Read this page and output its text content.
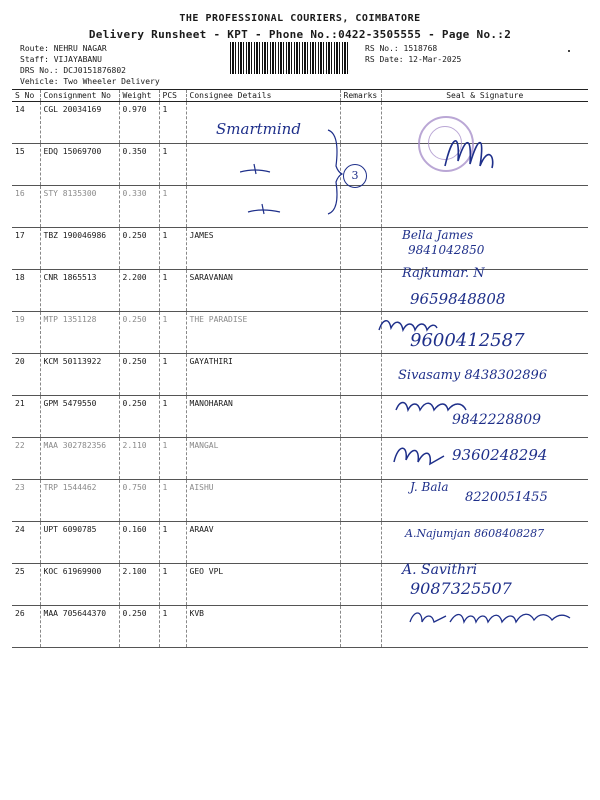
THE PROFESSIONAL COURIERS, COIMBATORE
Delivery Runsheet - KPT - Phone No.:0422-3505555 - Page No.:2
Route: NEHRU NAGAR
Staff: VIJAYABANU
DRS No.: DCJ0151876802
Vehicle: Two Wheeler Delivery
RS No.: 1518768
RS Date: 12-Mar-2025
S No	Consignment No	Weight	PCS	Consignee Details	Remarks	Seal & Signature
14	CGL 20034169	0.970	1			
15	EDQ 15069700	0.350	1			
16	STY 8135300	0.330	1			
17	TBZ 190046986	0.250	1	JAMES		
18	CNR 1865513	2.200	1	SARAVANAN		
19	MTP 1351128	0.250	1	THE PARADISE		
20	KCM 50113922	0.250	1	GAYATHIRI		
21	GPM 5479550	0.250	1	MANOHARAN		
22	MAA 302782356	2.110	1	MANGAL		
23	TRP 1544462	0.750	1	AISHU		
24	UPT 6090785	0.160	1	ARAAV		
25	KOC 61969900	2.100	1	GEO VPL		
26	MAA 705644370	0.250	1	KVB		
Smartmind
3
Bella James
9841042850
Rajkumar. N
9659848808
9600412587
Sivasamy 8438302896
9842228809
9360248294
J. Bala
8220051455
A.Najumjan 8608408287
A. Savithri
9087325507
